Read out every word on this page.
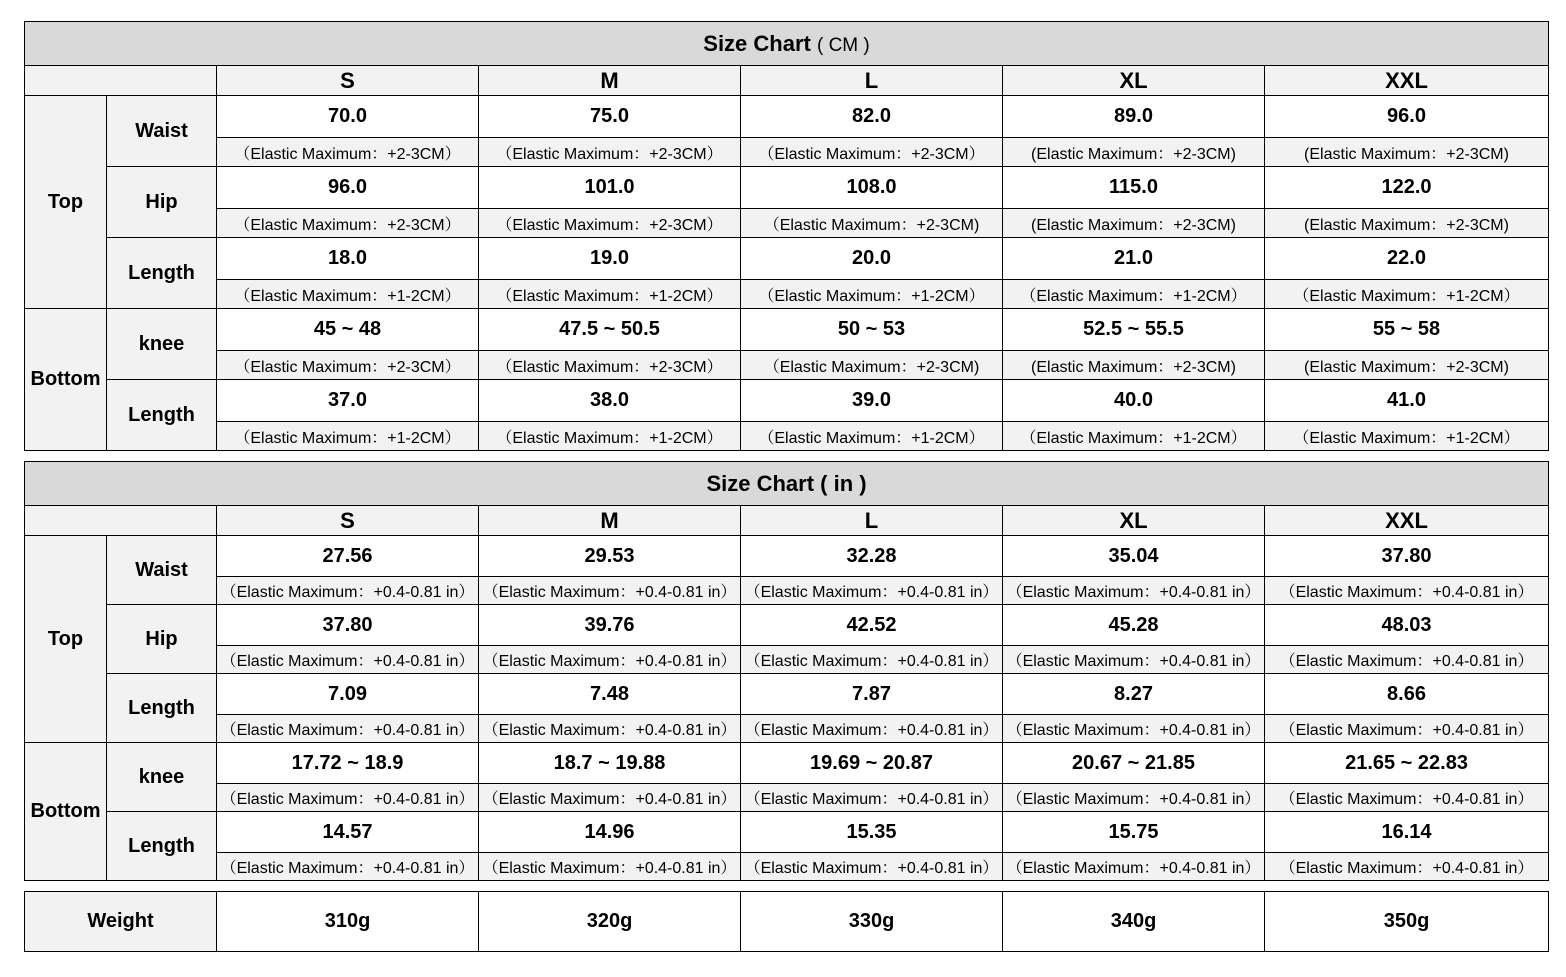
Size Chart ( CM )						
		S	M	L	XL	XXL
Top	Waist	70.0	75.0	82.0	89.0	96.0
		（Elastic Maximum：+2-3CM）	（Elastic Maximum：+2-3CM）	（Elastic Maximum：+2-3CM）	(Elastic Maximum：+2-3CM)	(Elastic Maximum：+2-3CM)
	Hip	96.0	101.0	108.0	115.0	122.0
		（Elastic Maximum：+2-3CM）	（Elastic Maximum：+2-3CM）	（Elastic Maximum：+2-3CM)	(Elastic Maximum：+2-3CM)	(Elastic Maximum：+2-3CM)
	Length	18.0	19.0	20.0	21.0	22.0
		（Elastic Maximum：+1-2CM）	（Elastic Maximum：+1-2CM）	（Elastic Maximum：+1-2CM）	（Elastic Maximum：+1-2CM）	（Elastic Maximum：+1-2CM）
Bottom	knee	45 ~ 48	47.5 ~ 50.5	50 ~ 53	52.5 ~ 55.5	55 ~ 58
		（Elastic Maximum：+2-3CM）	（Elastic Maximum：+2-3CM）	（Elastic Maximum：+2-3CM)	(Elastic Maximum：+2-3CM)	(Elastic Maximum：+2-3CM)
	Length	37.0	38.0	39.0	40.0	41.0
		（Elastic Maximum：+1-2CM）	（Elastic Maximum：+1-2CM）	（Elastic Maximum：+1-2CM）	（Elastic Maximum：+1-2CM）	（Elastic Maximum：+1-2CM）
Size Chart ( in )						
		S	M	L	XL	XXL
Top	Waist	27.56	29.53	32.28	35.04	37.80
		（Elastic Maximum：+0.4-0.81 in）	（Elastic Maximum：+0.4-0.81 in）	（Elastic Maximum：+0.4-0.81 in）	（Elastic Maximum：+0.4-0.81 in）	（Elastic Maximum：+0.4-0.81 in）
	Hip	37.80	39.76	42.52	45.28	48.03
		（Elastic Maximum：+0.4-0.81 in）	（Elastic Maximum：+0.4-0.81 in）	（Elastic Maximum：+0.4-0.81 in）	（Elastic Maximum：+0.4-0.81 in）	（Elastic Maximum：+0.4-0.81 in）
	Length	7.09	7.48	7.87	8.27	8.66
		（Elastic Maximum：+0.4-0.81 in）	（Elastic Maximum：+0.4-0.81 in）	（Elastic Maximum：+0.4-0.81 in）	（Elastic Maximum：+0.4-0.81 in）	（Elastic Maximum：+0.4-0.81 in）
Bottom	knee	17.72 ~ 18.9	18.7 ~ 19.88	19.69 ~ 20.87	20.67 ~ 21.85	21.65 ~ 22.83
		（Elastic Maximum：+0.4-0.81 in）	（Elastic Maximum：+0.4-0.81 in）	（Elastic Maximum：+0.4-0.81 in）	（Elastic Maximum：+0.4-0.81 in）	（Elastic Maximum：+0.4-0.81 in）
	Length	14.57	14.96	15.35	15.75	16.14
		（Elastic Maximum：+0.4-0.81 in）	（Elastic Maximum：+0.4-0.81 in）	（Elastic Maximum：+0.4-0.81 in）	（Elastic Maximum：+0.4-0.81 in）	（Elastic Maximum：+0.4-0.81 in）
Weight	310g	320g	330g	340g	350g
